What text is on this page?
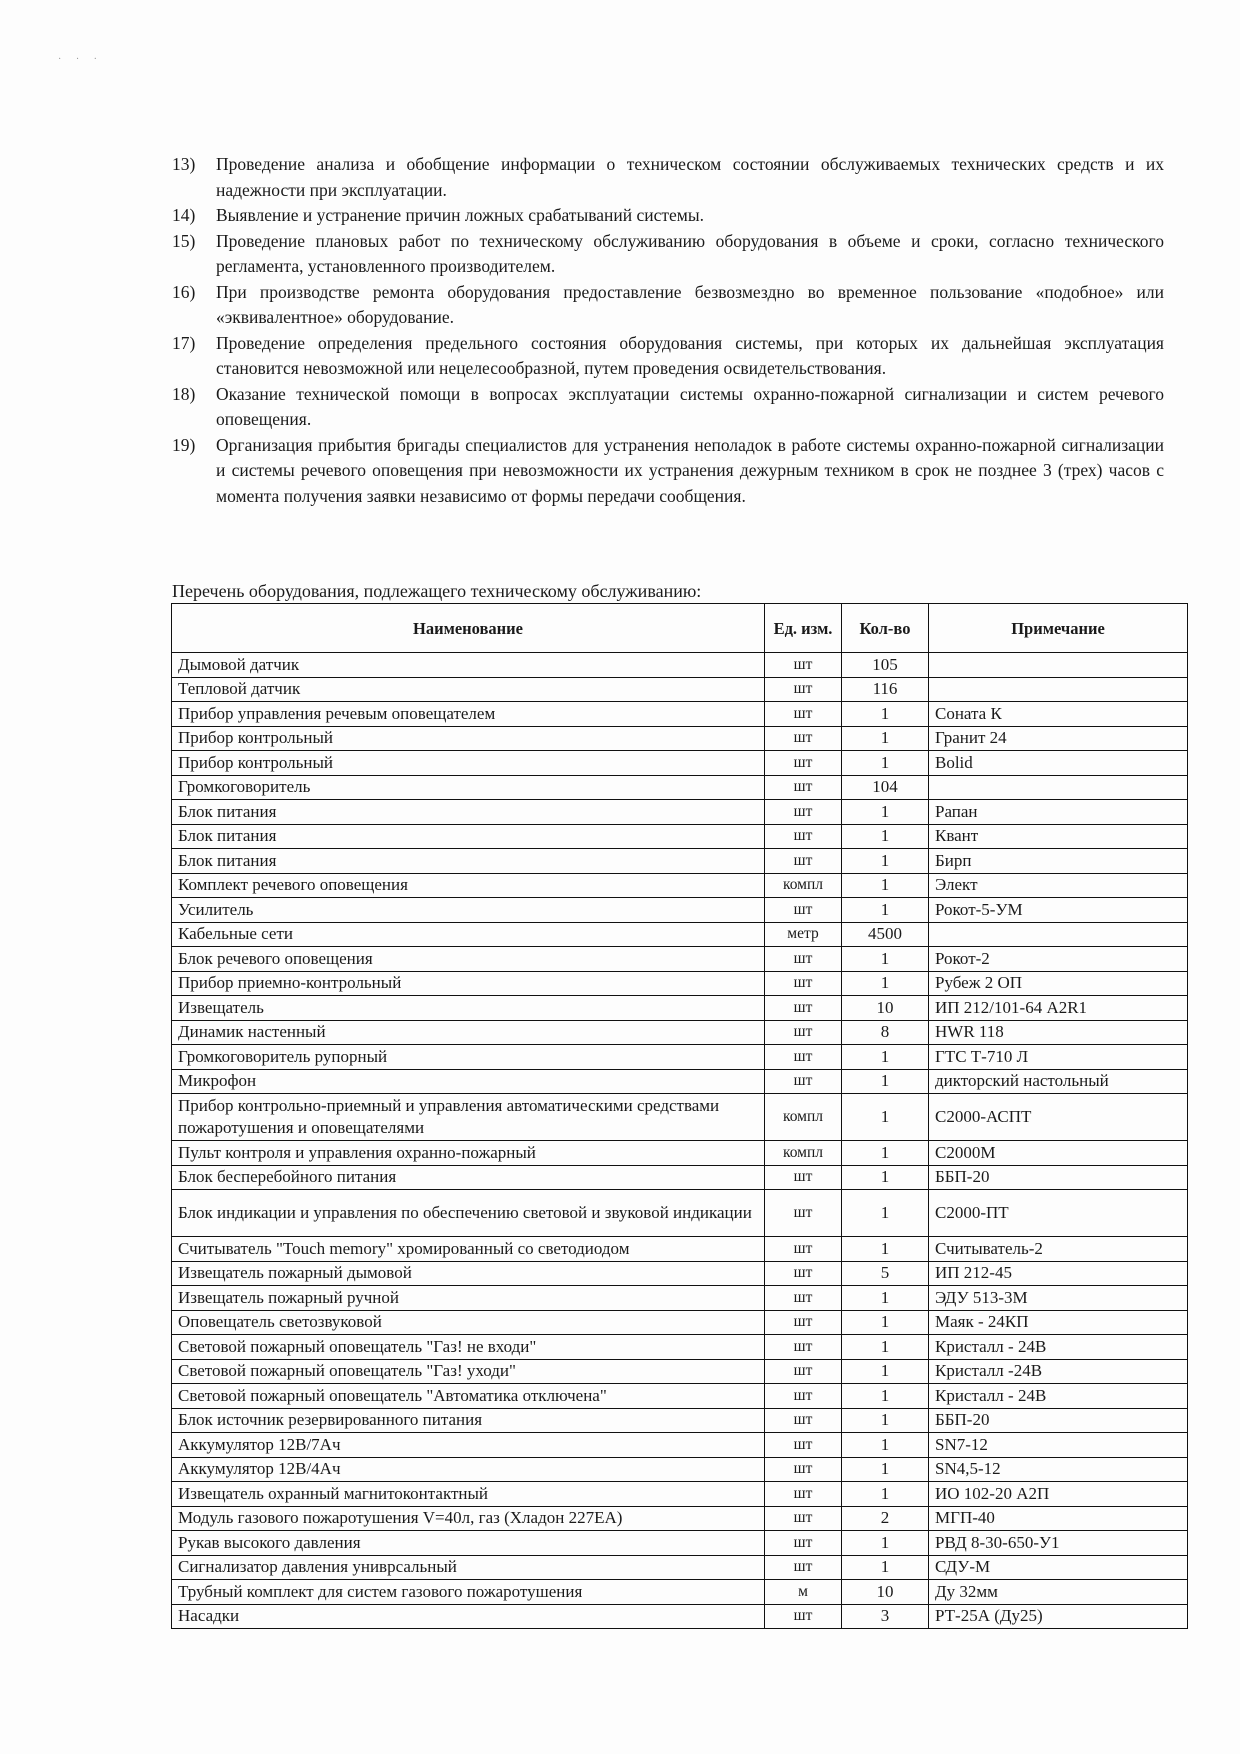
· · ·
13)	Проведение анализа и обобщение информации о техническом состоянии обслуживаемых технических средств и их надежности при эксплуатации.
14)	Выявление и устранение причин ложных срабатываний системы.
15)	Проведение плановых работ по техническому обслуживанию оборудования в объеме и сроки, согласно технического регламента, установленного производителем.
16)	При производстве ремонта оборудования предоставление безвозмездно во временное пользование «подобное» или «эквивалентное» оборудование.
17)	Проведение определения предельного состояния оборудования системы, при которых их дальнейшая эксплуатация становится невозможной или нецелесообразной, путем проведения освидетельствования.
18)	Оказание технической помощи в вопросах эксплуатации системы охранно-пожарной сигнализации и систем речевого оповещения.
19)	Организация прибытия бригады специалистов для устранения неполадок в работе системы охранно-пожарной сигнализации и системы речевого оповещения при невозможности их устранения дежурным техником в срок не позднее 3 (трех) часов с момента получения заявки независимо от формы передачи сообщения.
Перечень оборудования, подлежащего техническому обслуживанию:
Наименование	Ед. изм.	Кол-во	Примечание
Дымовой датчик	шт	105	
Тепловой датчик	шт	116	
Прибор управления речевым оповещателем	шт	1	Соната К
Прибор контрольный	шт	1	Гранит 24
Прибор контрольный	шт	1	Bolid
Громкоговоритель	шт	104	
Блок питания	шт	1	Рапан
Блок питания	шт	1	Квант
Блок питания	шт	1	Бирп
Комплект речевого оповещения	компл	1	Элект
Усилитель	шт	1	Рокот-5-УМ
Кабельные сети	метр	4500	
Блок речевого оповещения	шт	1	Рокот-2
Прибор приемно-контрольный	шт	1	Рубеж 2 ОП
Извещатель	шт	10	ИП 212/101-64 А2R1
Динамик настенный	шт	8	HWR 118
Громкоговоритель рупорный	шт	1	ГТС Т-710 Л
Микрофон	шт	1	дикторский настольный
Прибор контрольно-приемный и управления автоматическими средствами пожаротушения и оповещателями	компл	1	С2000-АСПТ
Пульт контроля и управления охранно-пожарный	компл	1	С2000М
Блок бесперебойного питания	шт	1	ББП-20
Блок индикации и управления по обеспечению световой и звуковой индикации	шт	1	С2000-ПТ
Считыватель "Touch memory" хромированный со светодиодом	шт	1	Считыватель-2
Извещатель пожарный дымовой	шт	5	ИП 212-45
Извещатель пожарный ручной	шт	1	ЭДУ 513-3М
Оповещатель светозвуковой	шт	1	Маяк - 24КП
Световой пожарный оповещатель "Газ! не входи"	шт	1	Кристалл - 24В
Световой пожарный оповещатель "Газ! уходи"	шт	1	Кристалл -24В
Световой пожарный оповещатель "Автоматика отключена"	шт	1	Кристалл - 24В
Блок источник резервированного питания	шт	1	ББП-20
Аккумулятор 12В/7Ач	шт	1	SN7-12
Аккумулятор 12В/4Ач	шт	1	SN4,5-12
Извещатель охранный магнитоконтактный	шт	1	ИО 102-20 А2П
Модуль газового пожаротушения V=40л, газ (Хладон 227ЕА)	шт	2	МГП-40
Рукав высокого давления	шт	1	РВД 8-30-650-У1
Сигнализатор давления униврсальный	шт	1	СДУ-М
Трубный комплект для систем газового пожаротушения	м	10	Ду 32мм
Насадки	шт	3	РТ-25А (Ду25)
